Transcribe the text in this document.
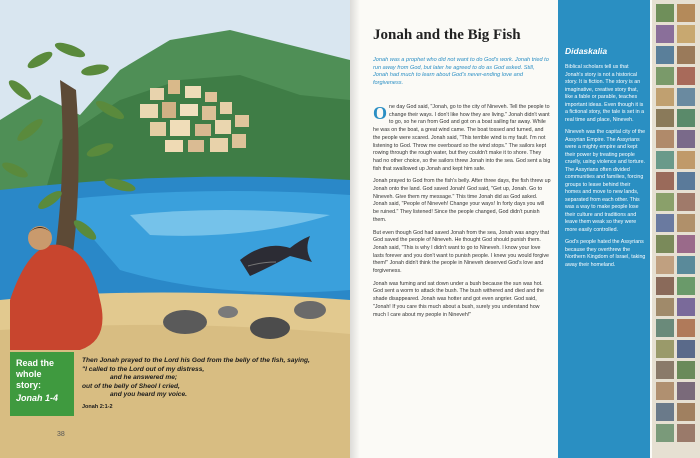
Read the
whole story:
Jonah 1-4
Then Jonah prayed to the Lord his God from the belly of the fish, saying,
"I called to the Lord out of my distress,
and he answered me;
out of the belly of Sheol I cried,
and you heard my voice.
Jonah 2:1-2
38
Jonah and the Big Fish
Jonah was a prophet who did not want to do God's work. Jonah tried to run away from God, but later he agreed to do as God asked. Still, Jonah had much to learn about God's never-ending love and forgiveness.

One day God said, "Jonah, go to the city of Nineveh. Tell the people to change their ways. I don't like how they are living." Jonah didn't want to go, so he ran from God and got on a boat sailing far away. While he was on the boat, a great wind came. The boat tossed and turned, and the people were scared. Jonah said, "This terrible wind is my fault. I'm not listening to God. Throw me overboard so the wind stops." The sailors kept rowing through the rough water, but they couldn't make it to shore. They had no other choice, so the sailors threw Jonah into the sea. God sent a big fish that swallowed up Jonah and kept him safe.

Jonah prayed to God from the fish's belly. After three days, the fish threw up Jonah onto the land. God saved Jonah! God said, "Get up, Jonah. Go to Nineveh. Give them my message." This time Jonah did as God asked. Jonah said, "People of Nineveh! Change your ways! In forty days you will be ruined." They listened! Since the people changed, God didn't punish them.

But even though God had saved Jonah from the sea, Jonah was angry that God saved the people of Nineveh. He thought God should punish them. Jonah said, "This is why I didn't want to go to Nineveh. I know your love lasts forever and you don't want to punish people. I knew you would forgive them!" Jonah didn't think the people in Nineveh deserved God's love and forgiveness.

Jonah was fuming and sat down under a bush because the sun was hot. God sent a worm to attack the bush. The bush withered and died and the shade disappeared. Jonah was hotter and got even angrier. God said, "Jonah! If you care this much about a bush, surely you understand how much I care about my people in Nineveh!"

Didaskalia

Biblical scholars tell us that Jonah's story is not a historical story. It is fiction. The story is an imaginative, creative story that, like a fable or parable, teaches important ideas. Even though it is a fictional story, the tale is set in a real time and place, Nineveh.

Nineveh was the capital city of the Assyrian Empire. The Assyrians were a mighty empire and kept their power by treating people cruelly, using violence and torture. The Assyrians often divided communities and families, forcing groups to leave behind their homes and move to new lands, separated from each other. This was a way to make people lose their culture and traditions and leave them weak so they were more easily controlled.

God's people hated the Assyrians because they overthrew the Northern Kingdom of Israel, taking away their homeland.
